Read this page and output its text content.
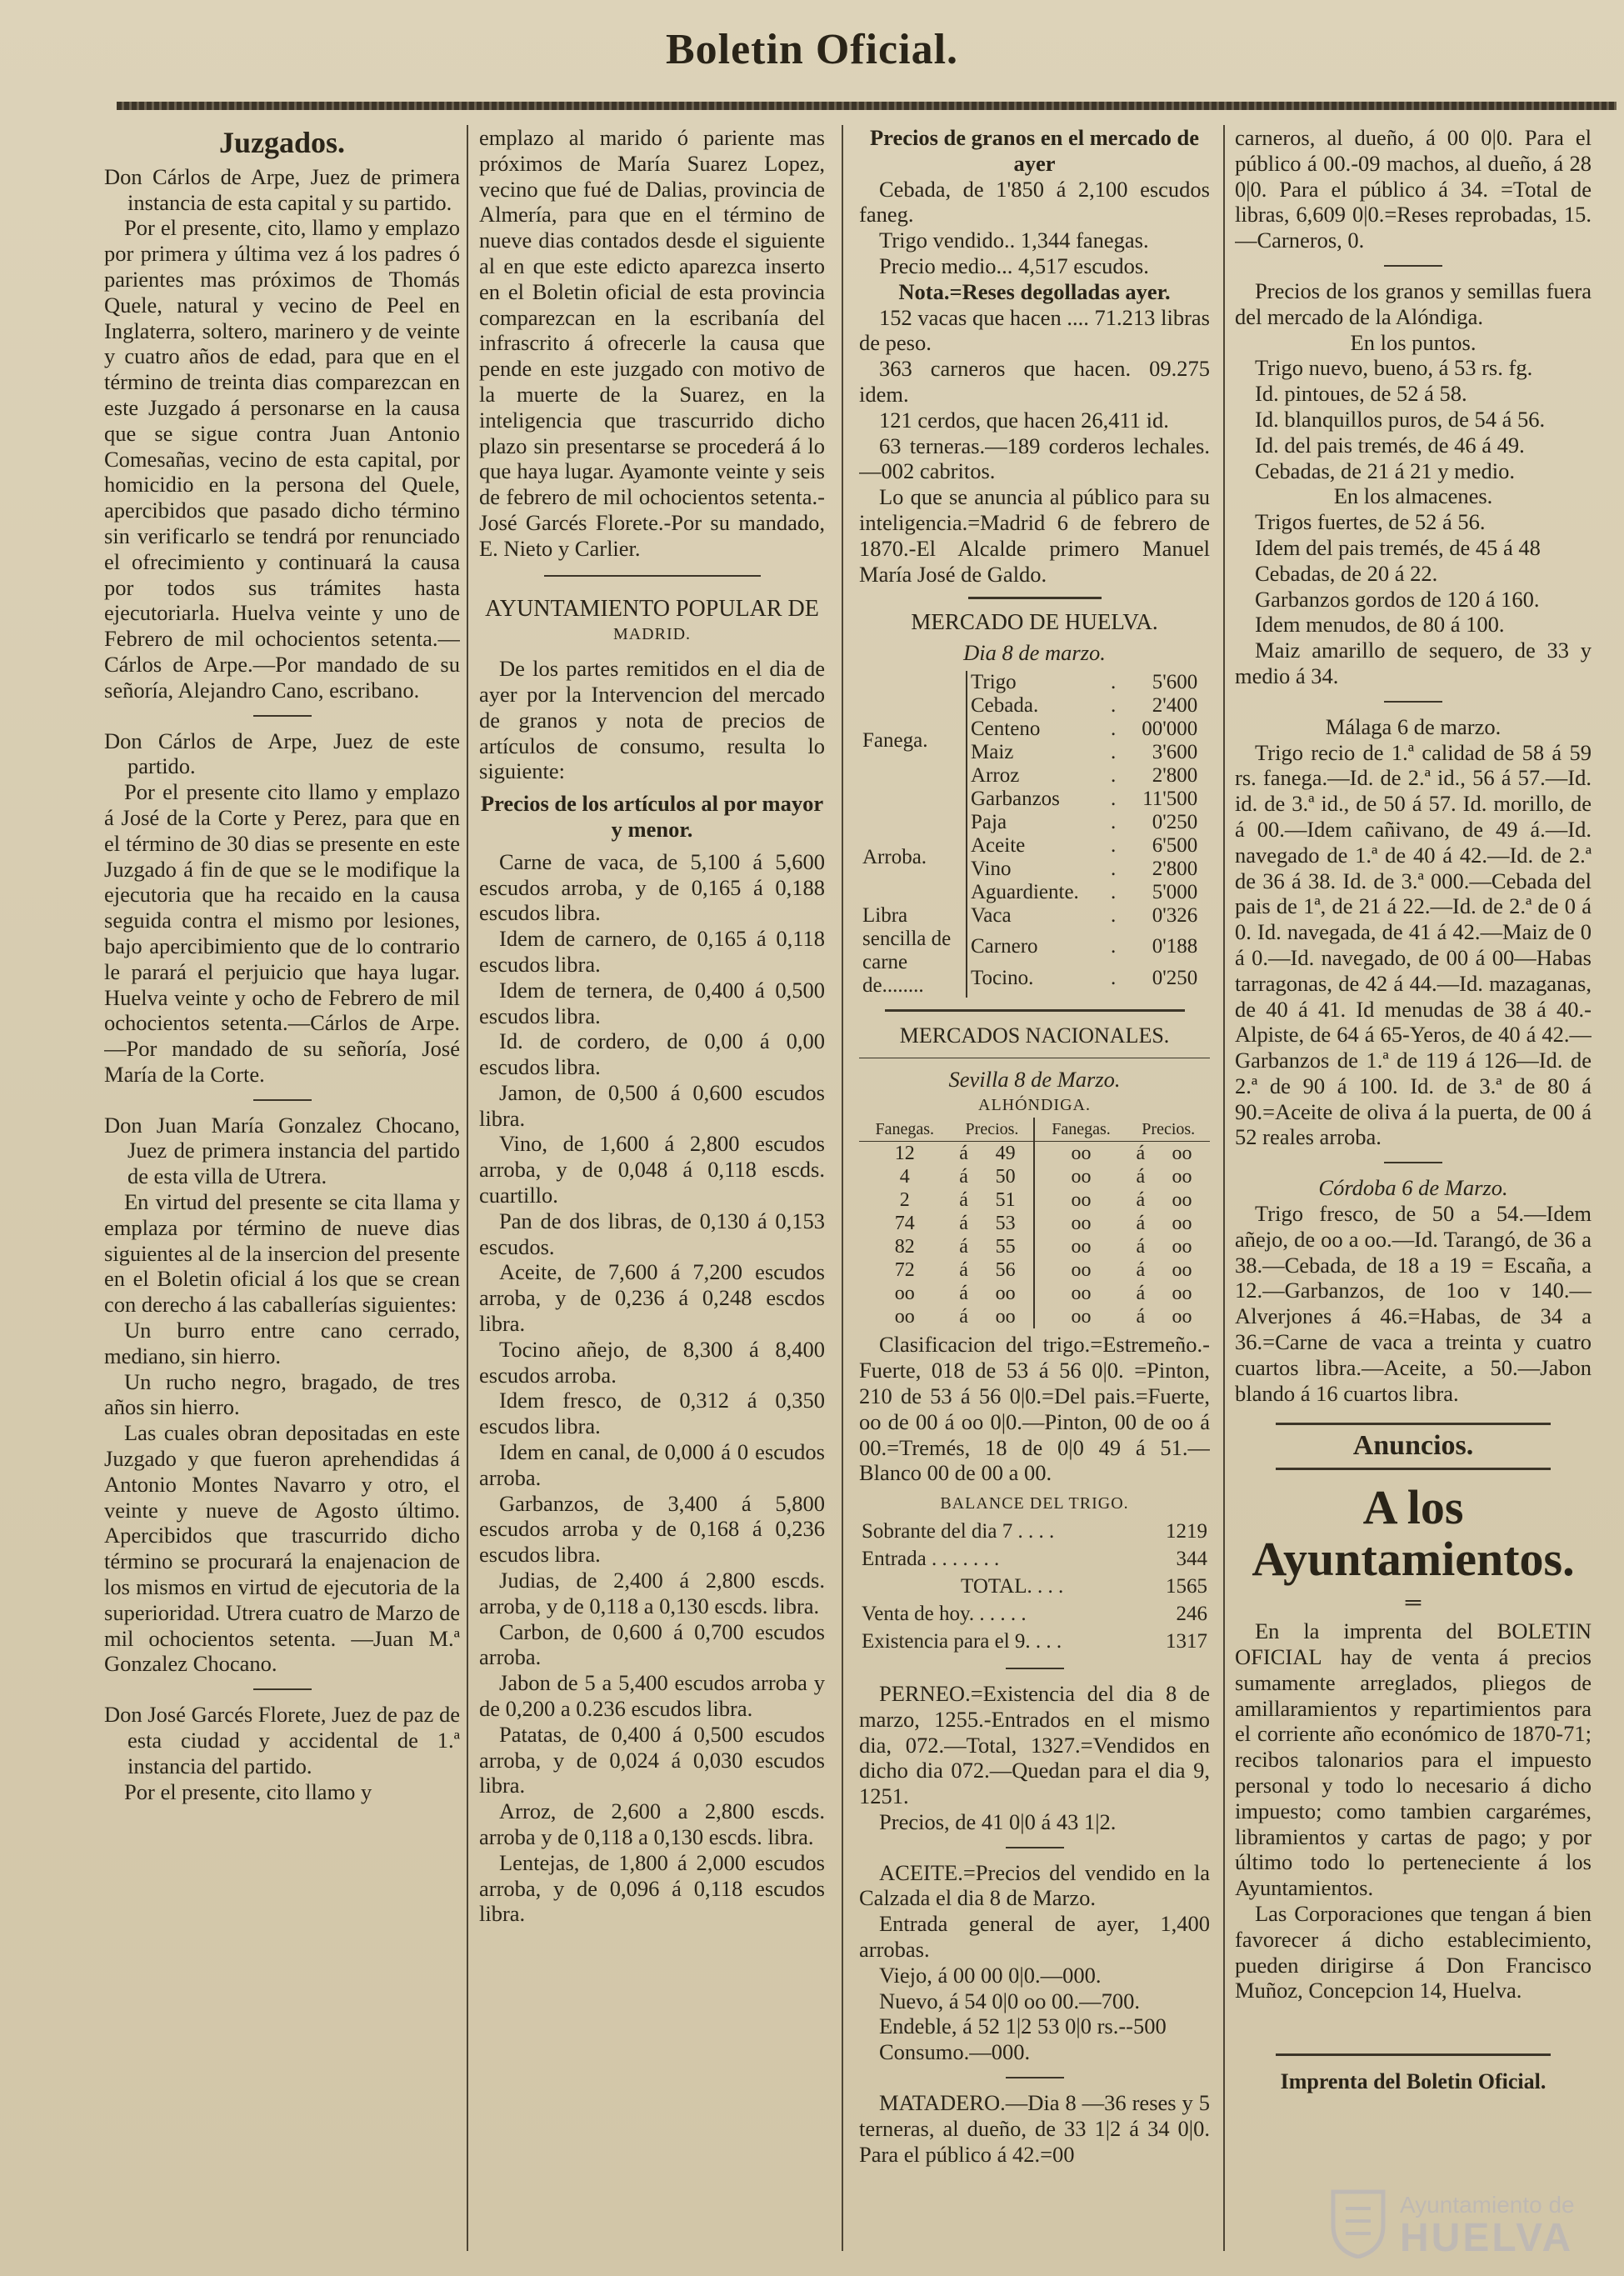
Boletin Oficial.
Juzgados.

Don Cárlos de Arpe, Juez de primera instancia de esta capital y su partido.

Por el presente, cito, llamo y emplazo por primera y última vez á los padres ó parientes mas próximos de Thomás Quele, natural y vecino de Peel en Inglaterra, soltero, marinero y de veinte y cuatro años de edad, para que en el término de treinta dias comparezcan en este Juzgado á personarse en la causa que se sigue contra Juan Antonio Comesañas, vecino de esta capital, por homicidio en la persona del Quele, apercibidos que pasado dicho término sin verificarlo se tendrá por renunciado el ofrecimiento y continuará la causa por todos sus trámites hasta ejecutoriarla. Huelva veinte y uno de Febrero de mil ochocientos setenta.—Cárlos de Arpe.—Por mandado de su señoría, Alejandro Cano, escribano.

Don Cárlos de Arpe, Juez de este partido.

Por el presente cito llamo y emplazo á José de la Corte y Perez, para que en el término de 30 dias se presente en este Juzgado á fin de que se le modifique la ejecutoria que ha recaido en la causa seguida contra el mismo por lesiones, bajo apercibimiento que de lo contrario le parará el perjuicio que haya lugar. Huelva veinte y ocho de Febrero de mil ochocientos setenta.—Cárlos de Arpe.—Por mandado de su señoría, José María de la Corte.

Don Juan María Gonzalez Chocano, Juez de primera instancia del partido de esta villa de Utrera.

En virtud del presente se cita llama y emplaza por término de nueve dias siguientes al de la insercion del presente en el Boletin oficial á los que se crean con derecho á las caballerías siguientes:

Un burro entre cano cerrado, mediano, sin hierro.

Un rucho negro, bragado, de tres años sin hierro.

Las cuales obran depositadas en este Juzgado y que fueron aprehendidas á Antonio Montes Navarro y otro, el veinte y nueve de Agosto último. Apercibidos que trascurrido dicho término se procurará la enajenacion de los mismos en virtud de ejecutoria de la superioridad. Utrera cuatro de Marzo de mil ochocientos setenta. —Juan M.ª Gonzalez Chocano.

Don José Garcés Florete, Juez de paz de esta ciudad y accidental de 1.ª instancia del partido.

Por el presente, cito llamo y

emplazo al marido ó pariente mas próximos de María Suarez Lopez, vecino que fué de Dalias, provincia de Almería, para que en el término de nueve dias contados desde el siguiente al en que este edicto aparezca inserto en el Boletin oficial de esta provincia comparezcan en la escribanía del infrascrito á ofrecerle la causa que pende en este juzgado con motivo de la muerte de la Suarez, en la inteligencia que trascurrido dicho plazo sin presentarse se procederá á lo que haya lugar. Ayamonte veinte y seis de febrero de mil ochocientos setenta.-José Garcés Florete.-Por su mandado, E. Nieto y Carlier.

AYUNTAMIENTO POPULAR DE
MADRID.

De los partes remitidos en el dia de ayer por la Intervencion del mercado de granos y nota de precios de artículos de consumo, resulta lo siguiente:

Precios de los artículos al por mayor y menor.

Carne de vaca, de 5,100 á 5,600 escudos arroba, y de 0,165 á 0,188 escudos libra.

Idem de carnero, de 0,165 á 0,118 escudos libra.

Idem de ternera, de 0,400 á 0,500 escudos libra.

Id. de cordero, de 0,00 á 0,00 escudos libra.

Jamon, de 0,500 á 0,600 escudos libra.

Vino, de 1,600 á 2,800 escudos arroba, y de 0,048 á 0,118 escds. cuartillo.

Pan de dos libras, de 0,130 á 0,153 escudos.

Aceite, de 7,600 á 7,200 escudos arroba, y de 0,236 á 0,248 escdos libra.

Tocino añejo, de 8,300 á 8,400 escudos arroba.

Idem fresco, de 0,312 á 0,350 escudos libra.

Idem en canal, de 0,000 á 0 escudos arroba.

Garbanzos, de 3,400 á 5,800 escudos arroba y de 0,168 á 0,236 escudos libra.

Judias, de 2,400 á 2,800 escds. arroba, y de 0,118 a 0,130 escds. libra.

Carbon, de 0,600 á 0,700 escudos arroba.

Jabon de 5 a 5,400 escudos arroba y de 0,200 a 0.236 escudos libra.

Patatas, de 0,400 á 0,500 escudos arroba, y de 0,024 á 0,030 escudos libra.

Arroz, de 2,600 a 2,800 escds. arroba y de 0,118 a 0,130 escds. libra.

Lentejas, de 1,800 á 2,000 escudos arroba, y de 0,096 á 0,118 escudos libra.

Precios de granos en el mercado de ayer

Cebada, de 1'850 á 2,100 escudos faneg.

Trigo vendido.. 1,344 fanegas.

Precio medio... 4,517 escudos.

Nota.=Reses degolladas ayer.

152 vacas que hacen .... 71.213 libras de peso.

363 carneros que hacen. 09.275 idem.

121 cerdos, que hacen 26,411 id.

63 terneras.—189 corderos lechales.—002 cabritos.

Lo que se anuncia al público para su inteligencia.=Madrid 6 de febrero de 1870.-El Alcalde primero Manuel María José de Galdo.

MERCADO DE HUELVA.
Dia 8 de marzo.
Fanega.	Trigo	.	5'600
	Cebada.	.	2'400
	Centeno	.	00'000
	Maiz	.	3'600
	Arroz	.	2'800
	Garbanzos	.	11'500
Arroba.	Paja	.	0'250
	Aceite	.	6'500
	Vino	.	2'800
	Aguardiente.	.	5'000
Libra sencilla de carne de........	Vaca	.	0'326
	Carnero	.	0'188
	Tocino.	.	0'250
MERCADOS NACIONALES.
Sevilla 8 de Marzo.
ALHÓNDIGA.
Fanegas.	Precios.		Fanegas.	Precios.	
12	á	49	oo	á	oo
4	á	50	oo	á	oo
2	á	51	oo	á	oo
74	á	53	oo	á	oo
82	á	55	oo	á	oo
72	á	56	oo	á	oo
oo	á	oo	oo	á	oo
oo	á	oo	oo	á	oo

Clasificacion del trigo.=Estremeño.-Fuerte, 018 de 53 á 56 0|0. =Pinton, 210 de 53 á 56 0|0.=Del pais.=Fuerte, oo de 00 á oo 0|0.—Pinton, 00 de oo á 00.=Tremés, 18 de 0|0 49 á 51.—Blanco 00 de 00 a 00.

BALANCE DEL TRIGO.
Sobrante del dia 7 . . . .	1219
Entrada . . . . . . .	344
TOTAL. . . .	1565
Venta de hoy. . . . . .	246
Existencia para el 9. . . .	1317

PERNEO.=Existencia del dia 8 de marzo, 1255.-Entrados en el mismo dia, 072.—Total, 1327.=Vendidos en dicho dia 072.—Quedan para el dia 9, 1251.

Precios, de 41 0|0 á 43 1|2.

ACEITE.=Precios del vendido en la Calzada el dia 8 de Marzo.

Entrada general de ayer, 1,400 arrobas.

Viejo, á 00 00 0|0.—000.

Nuevo, á 54 0|0 oo 00.—700.

Endeble, á 52 1|2 53 0|0 rs.--500

Consumo.—000.

MATADERO.—Dia 8 —36 reses y 5 terneras, al dueño, de 33 1|2 á 34 0|0. Para el público á 42.=00

carneros, al dueño, á 00 0|0. Para el público á 00.-09 machos, al dueño, á 28 0|0. Para el público á 34. =Total de libras, 6,609 0|0.=Reses reprobadas, 15.—Carneros, 0.

Precios de los granos y semillas fuera del mercado de la Alóndiga.

En los puntos.

Trigo nuevo, bueno, á 53 rs. fg.

Id. pintoues, de 52 á 58.

Id. blanquillos puros, de 54 á 56.

Id. del pais tremés, de 46 á 49.

Cebadas, de 21 á 21 y medio.

En los almacenes.

Trigos fuertes, de 52 á 56.

Idem del pais tremés, de 45 á 48

Cebadas, de 20 á 22.

Garbanzos gordos de 120 á 160.

Idem menudos, de 80 á 100.

Maiz amarillo de sequero, de 33 y medio á 34.

Málaga 6 de marzo.

Trigo recio de 1.ª calidad de 58 á 59 rs. fanega.—Id. de 2.ª id., 56 á 57.—Id. id. de 3.ª id., de 50 á 57. Id. morillo, de á 00.—Idem cañivano, de 49 á.—Id. navegado de 1.ª de 40 á 42.—Id. de 2.ª de 36 á 38. Id. de 3.ª 000.—Cebada del pais de 1ª, de 21 á 22.—Id. de 2.ª de 0 á 0. Id. navegada, de 41 á 42.—Maiz de 0 á 0.—Id. navegado, de 00 á 00—Habas tarragonas, de 42 á 44.—Id. mazaganas, de 40 á 41. Id menudas de 38 á 40.-Alpiste, de 64 á 65-Yeros, de 40 á 42.—Garbanzos de 1.ª de 119 á 126—Id. de 2.ª de 90 á 100. Id. de 3.ª de 80 á 90.=Aceite de oliva á la puerta, de 00 á 52 reales arroba.

Córdoba 6 de Marzo.

Trigo fresco, de 50 a 54.—Idem añejo, de oo a oo.—Id. Tarangó, de 36 a 38.—Cebada, de 18 a 19 = Escaña, a 12.—Garbanzos, de 1oo v 140.—Alverjones á 46.=Habas, de 34 a 36.=Carne de vaca a treinta y cuatro cuartos libra.—Aceite, a 50.—Jabon blando á 16 cuartos libra.

Anuncios.
A los Ayuntamientos.
═

En la imprenta del BOLETIN OFICIAL hay de venta á precios sumamente arreglados, pliegos de amillaramientos y repartimientos para el corriente año económico de 1870-71; recibos talonarios para el impuesto personal y todo lo necesario á dicho impuesto; como tambien cargarémes, libramientos y cartas de pago; y por último todo lo perteneciente á los Ayuntamientos.

Las Corporaciones que tengan á bien favorecer á dicho establecimiento, pueden dirigirse á Don Francisco Muñoz, Concepcion 14, Huelva.

Imprenta del Boletin Oficial.
Ayuntamiento de
HUELVA
